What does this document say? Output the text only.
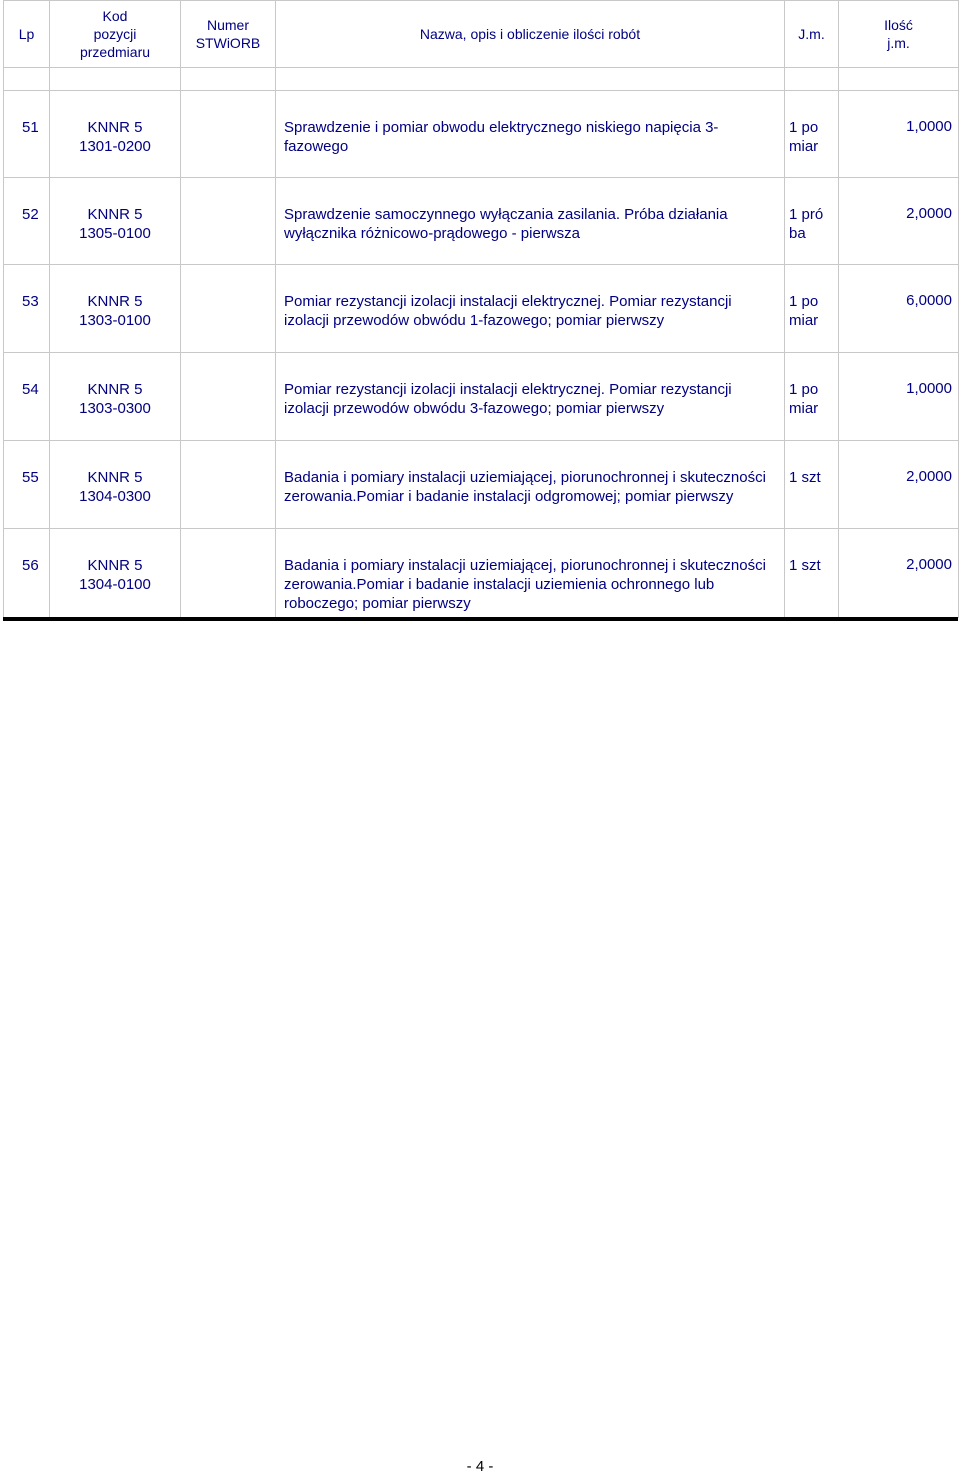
Lp	Kod
pozycji
przedmiaru	Numer
STWiORB	Nazwa, opis i obliczenie ilości robót	J.m.	Ilość
j.m.

51	KNNR 5
1301-0200		Sprawdzenie i pomiar obwodu elektrycznego niskiego napięcia 3-fazowego	1 pomiar	1,0000
52	KNNR 5
1305-0100		Sprawdzenie samoczynnego wyłączania zasilania. Próba działania wyłącznika różnicowo-prądowego - pierwsza	1 próba	2,0000
53	KNNR 5
1303-0100		Pomiar rezystancji izolacji instalacji elektrycznej. Pomiar rezystancji izolacji przewodów obwódu 1-fazowego; pomiar pierwszy	1 pomiar	6,0000
54	KNNR 5
1303-0300		Pomiar rezystancji izolacji instalacji elektrycznej. Pomiar rezystancji izolacji przewodów obwódu 3-fazowego; pomiar pierwszy	1 pomiar	1,0000
55	KNNR 5
1304-0300		Badania i pomiary instalacji uziemiającej, piorunochronnej i skuteczności zerowania.Pomiar i badanie instalacji odgromowej; pomiar pierwszy	1 szt	2,0000
56	KNNR 5
1304-0100		Badania i pomiary instalacji uziemiającej, piorunochronnej i skuteczności zerowania.Pomiar i badanie instalacji uziemienia ochronnego lub roboczego; pomiar pierwszy	1 szt	2,0000
- 4 -
